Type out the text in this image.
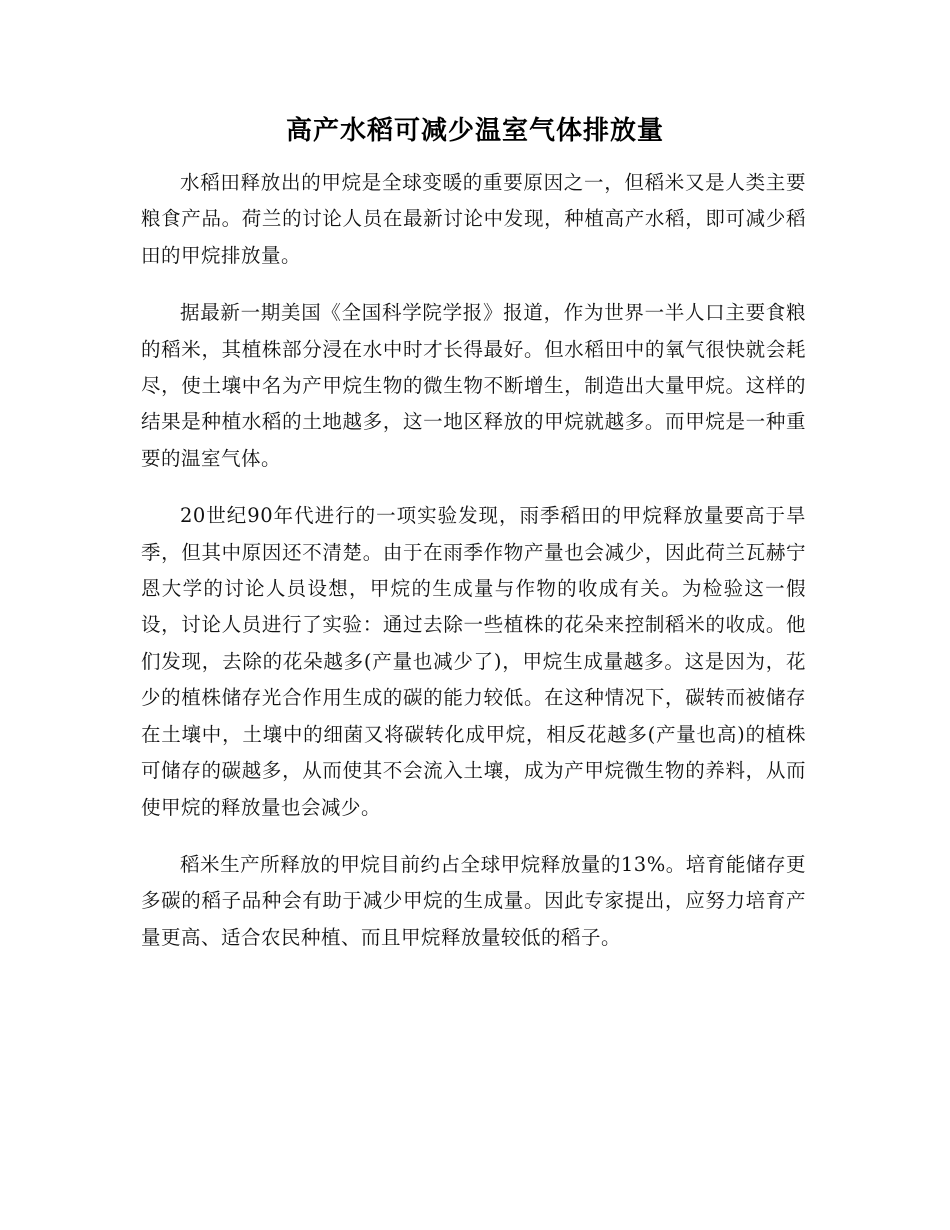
高产水稻可减少温室气体排放量

水稻田释放出的甲烷是全球变暖的重要原因之一，但稻米又是人类主要粮食产品。荷兰的讨论人员在最新讨论中发现，种植高产水稻，即可减少稻田的甲烷排放量。

据最新一期美国《全国科学院学报》报道，作为世界一半人口主要食粮的稻米，其植株部分浸在水中时才长得最好。但水稻田中的氧气很快就会耗尽，使土壤中名为产甲烷生物的微生物不断增生，制造出大量甲烷。这样的结果是种植水稻的土地越多，这一地区释放的甲烷就越多。而甲烷是一种重要的温室气体。

20世纪90年代进行的一项实验发现，雨季稻田的甲烷释放量要高于旱季，但其中原因还不清楚。由于在雨季作物产量也会减少，因此荷兰瓦赫宁恩大学的讨论人员设想，甲烷的生成量与作物的收成有关。为检验这一假设，讨论人员进行了实验：通过去除一些植株的花朵来控制稻米的收成。他们发现，去除的花朵越多(产量也减少了)，甲烷生成量越多。这是因为，花少的植株储存光合作用生成的碳的能力较低。在这种情况下，碳转而被储存在土壤中，土壤中的细菌又将碳转化成甲烷，相反花越多(产量也高)的植株可储存的碳越多，从而使其不会流入土壤，成为产甲烷微生物的养料，从而使甲烷的释放量也会减少。

稻米生产所释放的甲烷目前约占全球甲烷释放量的13%。培育能储存更多碳的稻子品种会有助于减少甲烷的生成量。因此专家提出，应努力培育产量更高、适合农民种植、而且甲烷释放量较低的稻子。
